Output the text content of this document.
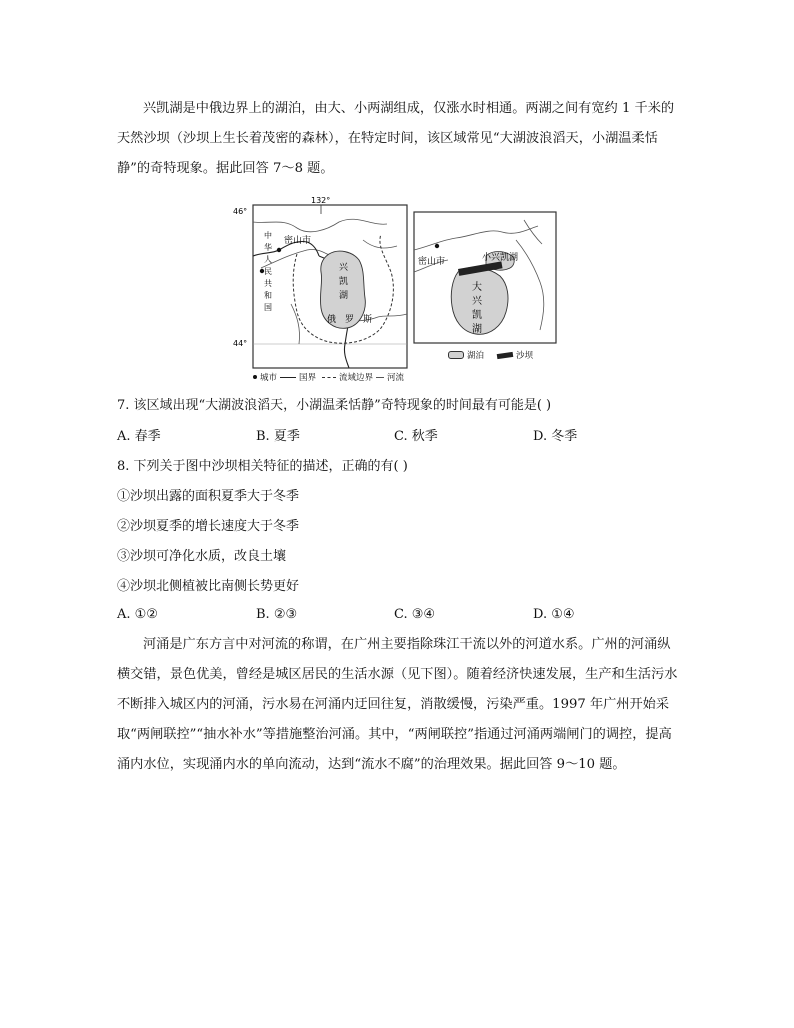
兴凯湖是中俄边界上的湖泊，由大、小两湖组成，仅涨水时相通。两湖之间有宽约 1 千米的天然沙坝（沙坝上生长着茂密的森林），在特定时间，该区域常见“大湖波浪滔天，小湖温柔恬静”的奇特现象。据此回答 7～8 题。

132°
46°
44°
密山市
中
华
人
民
共
和
国
兴
凯
湖
俄　罗　斯
城市	国界	流域边界 河流
密山市	小兴凯湖
大
兴
凯
湖
湖泊	沙坝

7. 该区域出现“大湖波浪滔天，小湖温柔恬静”奇特现象的时间最有可能是( )

A. 春季	B. 夏季	C. 秋季	D. 冬季

8. 下列关于图中沙坝相关特征的描述，正确的有( )

①沙坝出露的面积夏季大于冬季

②沙坝夏季的增长速度大于冬季

③沙坝可净化水质，改良土壤

④沙坝北侧植被比南侧长势更好

A. ①②	B. ②③	C. ③④	D. ①④

河涌是广东方言中对河流的称谓，在广州主要指除珠江干流以外的河道水系。广州的河涌纵横交错，景色优美，曾经是城区居民的生活水源（见下图）。随着经济快速发展，生产和生活污水不断排入城区内的河涌，污水易在河涌内迂回往复，消散缓慢，污染严重。1997 年广州开始采取“两闸联控”“抽水补水”等措施整治河涌。其中，“两闸联控”指通过河涌两端闸门的调控，提高涌内水位，实现涌内水的单向流动，达到“流水不腐”的治理效果。据此回答 9～10 题。
